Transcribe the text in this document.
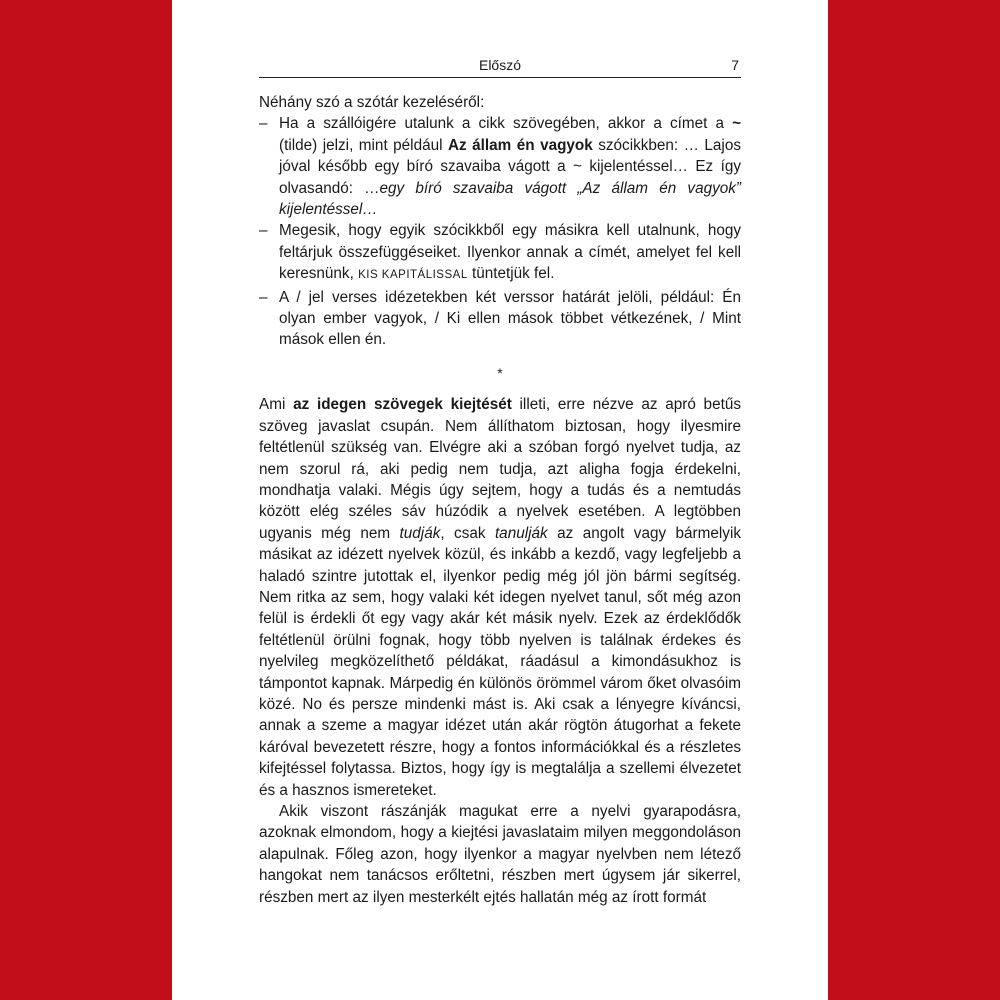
Előszó	7

Néhány szó a szótár kezeléséről:

– Ha a szállóigére utalunk a cikk szövegében, akkor a címet a ~ (tilde) jelzi, mint például Az állam én vagyok szócikkben: … Lajos jóval később egy bíró szavaiba vágott a ~ kijelentéssel… Ez így olvasandó: …egy bíró szavaiba vágott „Az állam én vagyok” kijelentéssel…
– Megesik, hogy egyik szócikkből egy másikra kell utalnunk, hogy feltárjuk összefüggéseiket. Ilyenkor annak a címét, amelyet fel kell keresnünk, KIS KAPITÁLISSAL tüntetjük fel.
– A / jel verses idézetekben két verssor határát jelöli, például: Én olyan ember vagyok, / Ki ellen mások többet vétkezének, / Mint mások ellen én.
*

Ami az idegen szövegek kiejtését illeti, erre nézve az apró betűs szöveg javaslat csupán. Nem állíthatom biztosan, hogy ilyesmire feltétlenül szükség van. Elvégre aki a szóban forgó nyelvet tudja, az nem szorul rá, aki pedig nem tudja, azt aligha fogja érdekelni, mondhatja valaki. Mégis úgy sejtem, hogy a tudás és a nemtudás között elég széles sáv húzódik a nyelvek esetében. A legtöbben ugyanis még nem tudják, csak tanulják az angolt vagy bármelyik másikat az idézett nyelvek közül, és inkább a kezdő, vagy legfeljebb a haladó szintre jutottak el, ilyenkor pedig még jól jön bármi segítség. Nem ritka az sem, hogy valaki két idegen nyelvet tanul, sőt még azon felül is érdekli őt egy vagy akár két másik nyelv. Ezek az érdeklődők feltétlenül örülni fognak, hogy több nyelven is találnak érdekes és nyelvileg megközelíthető példákat, ráadásul a kimondásukhoz is támpontot kapnak. Márpedig én különös örömmel várom őket olvasóim közé. No és persze mindenki mást is. Aki csak a lényegre kíváncsi, annak a szeme a magyar idézet után akár rögtön átugorhat a fekete káróval bevezetett részre, hogy a fontos információkkal és a részletes kifejtéssel folytassa. Biztos, hogy így is megtalálja a szellemi élvezetet és a hasznos ismereteket.

Akik viszont rászánják magukat erre a nyelvi gyarapodásra, azoknak elmondom, hogy a kiejtési javaslataim milyen meggondoláson alapulnak. Főleg azon, hogy ilyenkor a magyar nyelvben nem létező hangokat nem tanácsos erőltetni, részben mert úgysem jár sikerrel, részben mert az ilyen mesterkélt ejtés hallatán még az írott formát
